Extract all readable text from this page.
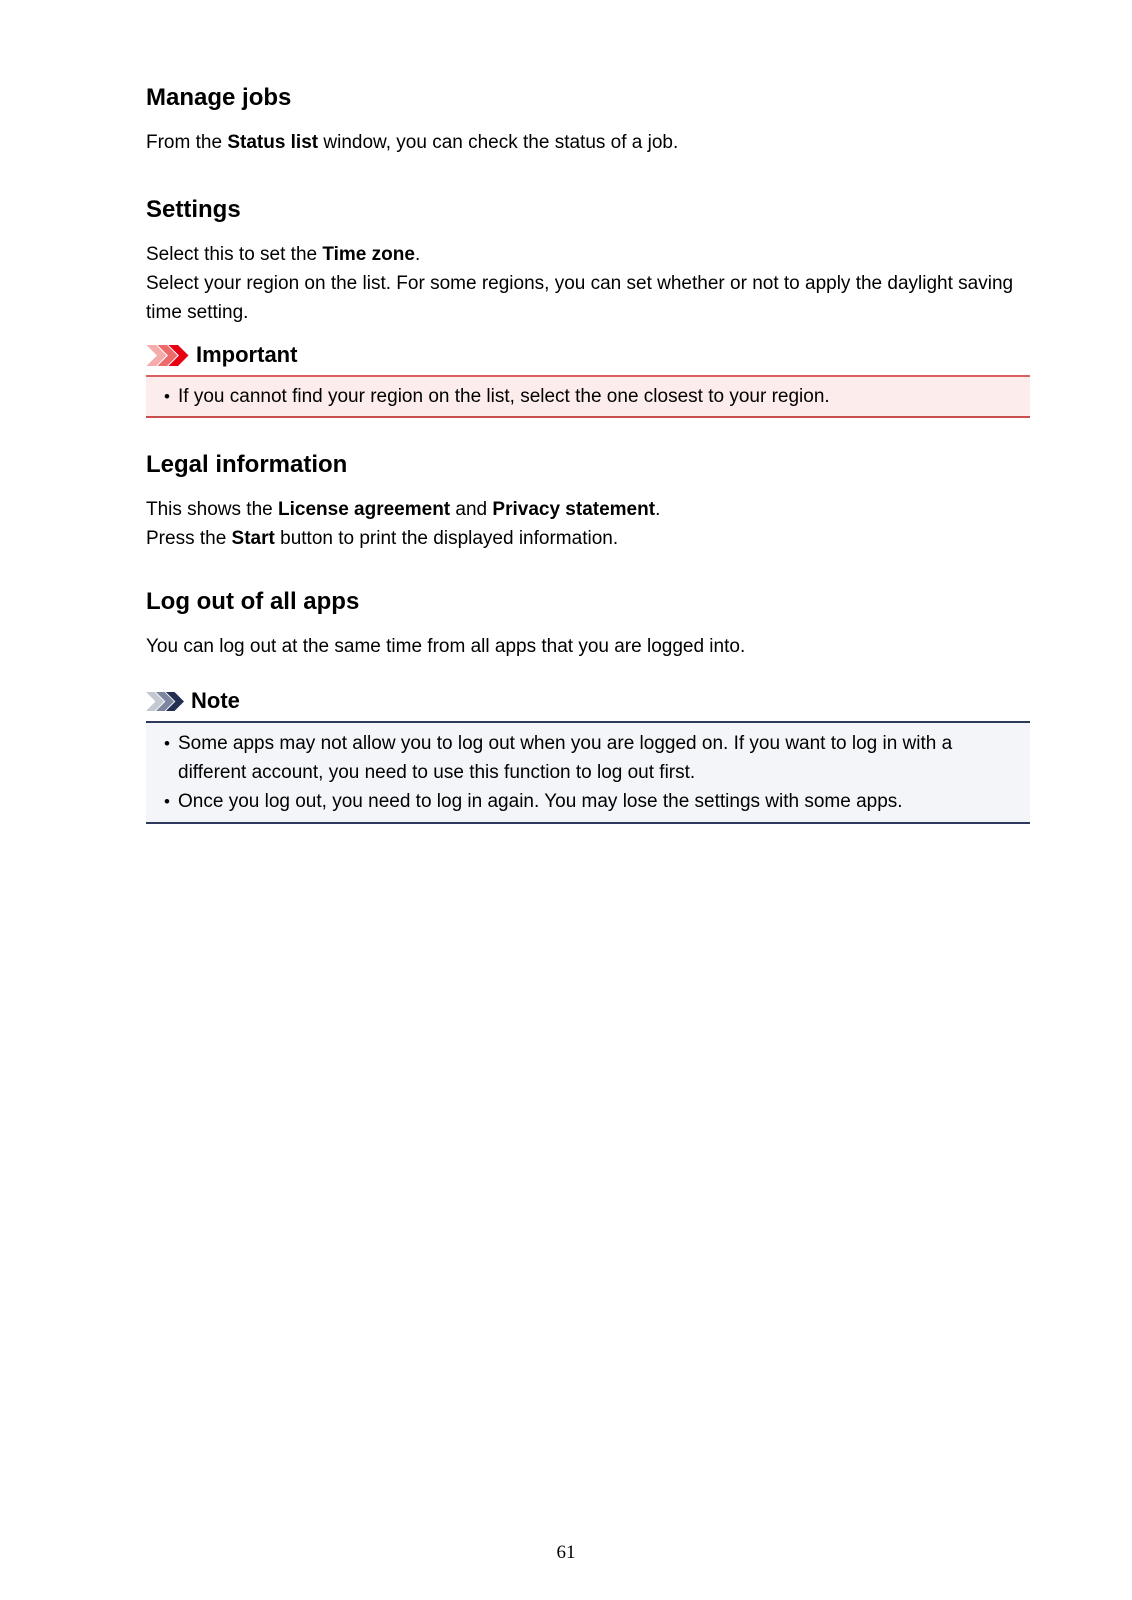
Manage jobs

From the Status list window, you can check the status of a job.

Settings

Select this to set the Time zone.
Select your region on the list. For some regions, you can set whether or not to apply the daylight saving time setting.

Important
• If you cannot find your region on the list, select the one closest to your region.
Legal information

This shows the License agreement and Privacy statement.
Press the Start button to print the displayed information.

Log out of all apps

You can log out at the same time from all apps that you are logged into.

Note
• Some apps may not allow you to log out when you are logged on. If you want to log in with a different account, you need to use this function to log out first.
• Once you log out, you need to log in again. You may lose the settings with some apps.
61
